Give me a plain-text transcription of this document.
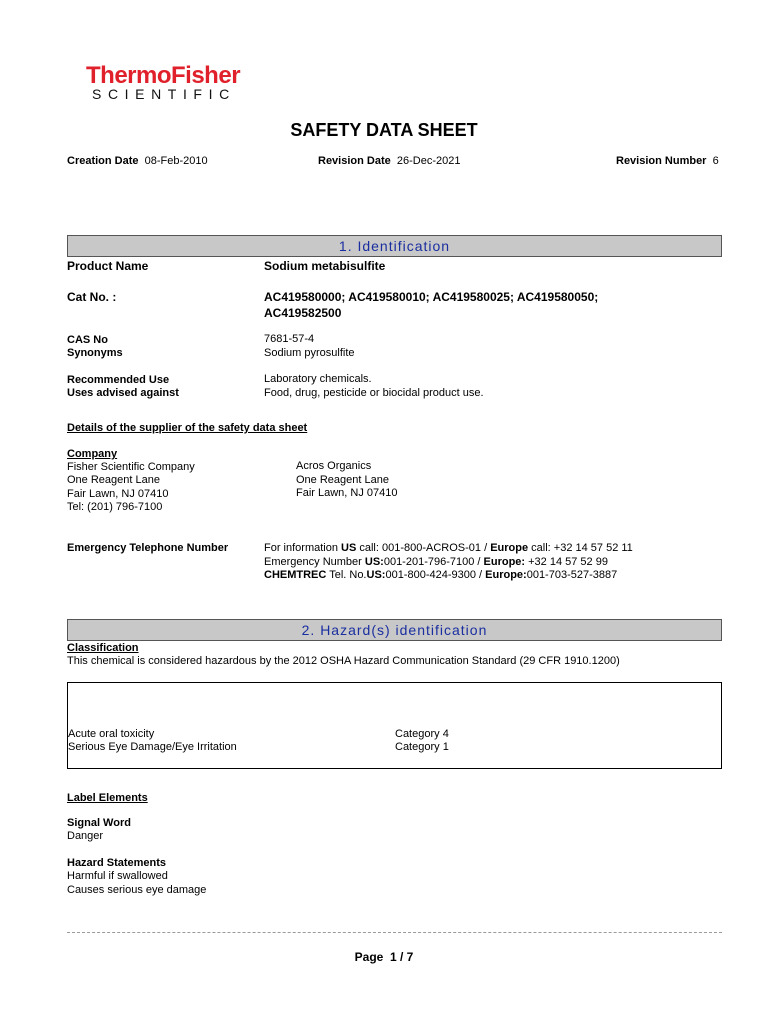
ThermoFisher
SCIENTIFIC
SAFETY DATA SHEET
Creation Date 08-Feb-2010	Revision Date 26-Dec-2021	Revision Number 6
1. Identification
Product Name	Sodium metabisulfite
Cat No. :	AC419580000; AC419580010; AC419580025; AC419580050;
AC419582500
CAS No	7681-57-4
Synonyms	Sodium pyrosulfite
Recommended Use	Laboratory chemicals.
Uses advised against	Food, drug, pesticide or biocidal product use.
Details of the supplier of the safety data sheet
Company
Fisher Scientific Company
One Reagent Lane
Fair Lawn, NJ 07410
Tel: (201) 796-7100
Acros Organics
One Reagent Lane
Fair Lawn, NJ 07410
Emergency Telephone Number	For information US call: 001-800-ACROS-01 / Europe call: +32 14 57 52 11
Emergency Number US:001-201-796-7100 / Europe: +32 14 57 52 99
CHEMTREC Tel. No.US:001-800-424-9300 / Europe:001-703-527-3887
2. Hazard(s) identification
Classification
This chemical is considered hazardous by the 2012 OSHA Hazard Communication Standard (29 CFR 1910.1200)
Acute oral toxicity	Category 4
Serious Eye Damage/Eye Irritation	Category 1
Label Elements
Signal Word
Danger
Hazard Statements
Harmful if swallowed
Causes serious eye damage
Page 1 / 7
